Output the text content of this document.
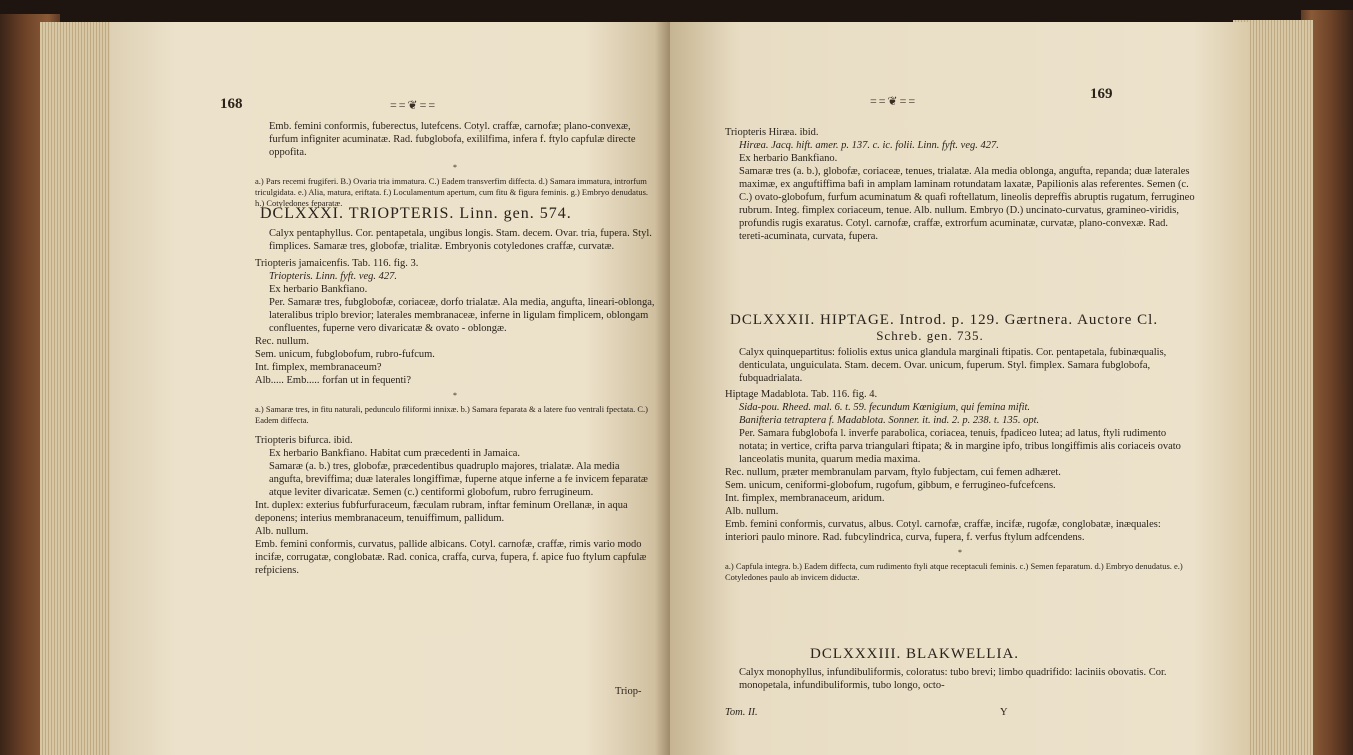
168	==❦==

Emb. femini conformis, fuberectus, lutefcens. Cotyl. craffæ, carnofæ; plano-convexæ, furfum infigniter acuminatæ. Rad. fubglobofa, exililfima, infera f. ftylo capfulæ directe oppofita.

*

a.) Pars recemi frugiferi. B.) Ovaria tria immatura. C.) Eadem transverfim diffecta. d.) Samara immatura, introrfum triculgidata. e.) Alia, matura, eriftata. f.) Loculamentum apertum, cum fitu & figura feminis. g.) Embryo denudatus. h.) Cotyledones feparatæ.

DCLXXXI. TRIOPTERIS. Linn. gen. 574.

Calyx pentaphyllus. Cor. pentapetala, ungibus longis. Stam. decem. Ovar. tria, fupera. Styl. fimplices. Samaræ tres, globofæ, trialitæ. Embryonis cotyledones craffæ, curvatæ.

Triopteris jamaicenfis. Tab. 116. fig. 3.

Triopteris. Linn. fyft. veg. 427.

Ex herbario Bankfiano.

Per. Samaræ tres, fubglobofæ, coriaceæ, dorfo trialatæ. Ala media, angufta, lineari-oblonga, lateralibus triplo brevior; laterales membranaceæ, inferne in ligulam fimplicem, oblongam confluentes, fuperne vero divaricatæ & ovato - oblongæ.

Rec. nullum.

Sem. unicum, fubglobofum, rubro-fufcum.

Int. fimplex, membranaceum?

Alb..... Emb..... forfan ut in fequenti?

*

a.) Samaræ tres, in fitu naturali, pedunculo filiformi innixæ. b.) Samara feparata & a latere fuo ventrali fpectata. C.) Eadem diffecta.

Triopteris bifurca. ibid.

Ex herbario Bankfiano. Habitat cum præcedenti in Jamaica.

Samaræ (a. b.) tres, globofæ, præcedentibus quadruplo majores, trialatæ. Ala media angufta, breviffima; duæ laterales longiffimæ, fuperne atque inferne a fe invicem feparatæ atque leviter divaricatæ. Semen (c.) centiformi globofum, rubro ferrugineum.

Int. duplex: exterius fubfurfuraceum, fæculam rubram, inftar feminum Orellanæ, in aqua deponens; interius membranaceum, tenuiffimum, pallidum.

Alb. nullum.

Emb. femini conformis, curvatus, pallide albicans. Cotyl. carnofæ, craffæ, rimis vario modo incifæ, corrugatæ, conglobatæ. Rad. conica, craffa, curva, fupera, f. apice fuo ftylum capfulæ refpiciens.

Triop-
==❦==	169

Triopteris Hiræa. ibid.

Hiræa. Jacq. hift. amer. p. 137. c. ic. folii. Linn. fyft. veg. 427.

Ex herbario Bankfiano.

Samaræ tres (a. b.), globofæ, coriaceæ, tenues, trialatæ. Ala media oblonga, angufta, repanda; duæ laterales maximæ, ex anguftiffima bafi in amplam laminam rotundatam laxatæ, Papilionis alas referentes. Semen (c. C.) ovato-globofum, furfum acuminatum & quafi roftellatum, lineolis depreffis abruptis rugatum, ferrugineo rubrum. Integ. fimplex coriaceum, tenue. Alb. nullum. Embryo (D.) uncinato-curvatus, gramineo-viridis, profundis rugis exaratus. Cotyl. carnofæ, craffæ, extrorfum acuminatæ, curvatæ, plano-convexæ. Rad. tereti-acuminata, curvata, fupera.

DCLXXXII. HIPTAGE. Introd. p. 129. Gærtnera. Auctore Cl.
Schreb. gen. 735.

Calyx quinquepartitus: foliolis extus unica glandula marginali ftipatis. Cor. pentapetala, fubinæqualis, denticulata, unguiculata. Stam. decem. Ovar. unicum, fuperum. Styl. fimplex. Samara fubglobofa, fubquadrialata.

Hiptage Madablota. Tab. 116. fig. 4.

Sida-pou. Rheed. mal. 6. t. 59. fecundum Kœnigium, qui femina mifit.

Banifteria tetraptera f. Madablota. Sonner. it. ind. 2. p. 238. t. 135. opt.

Per. Samara fubglobofa l. inverfe parabolica, coriacea, tenuis, fpadiceo lutea; ad latus, ftyli rudimento notata; in vertice, crifta parva triangulari ftipata; & in margine ipfo, tribus longiffimis alis coriaceis ovato lanceolatis munita, quarum media maxima.

Rec. nullum, præter membranulam parvam, ftylo fubjectam, cui femen adhæret.

Sem. unicum, ceniformi-globofum, rugofum, gibbum, e ferrugineo-fufcefcens.

Int. fimplex, membranaceum, aridum.

Alb. nullum.

Emb. femini conformis, curvatus, albus. Cotyl. carnofæ, craffæ, incifæ, rugofæ, conglobatæ, inæquales: interiori paulo minore. Rad. fubcylindrica, curva, fupera, f. verfus ftylum adfcendens.

*

a.) Capfula integra. b.) Eadem diffecta, cum rudimento ftyli atque receptaculi feminis. c.) Semen feparatum. d.) Embryo denudatus. e.) Cotyledones paulo ab invicem diductæ.

DCLXXXIII. BLAKWELLIA.

Calyx monophyllus, infundibuliformis, coloratus: tubo brevi; limbo quadrifido: laciniis obovatis. Cor. monopetala, infundibuliformis, tubo longo, octo-

Tom. II.	Y
